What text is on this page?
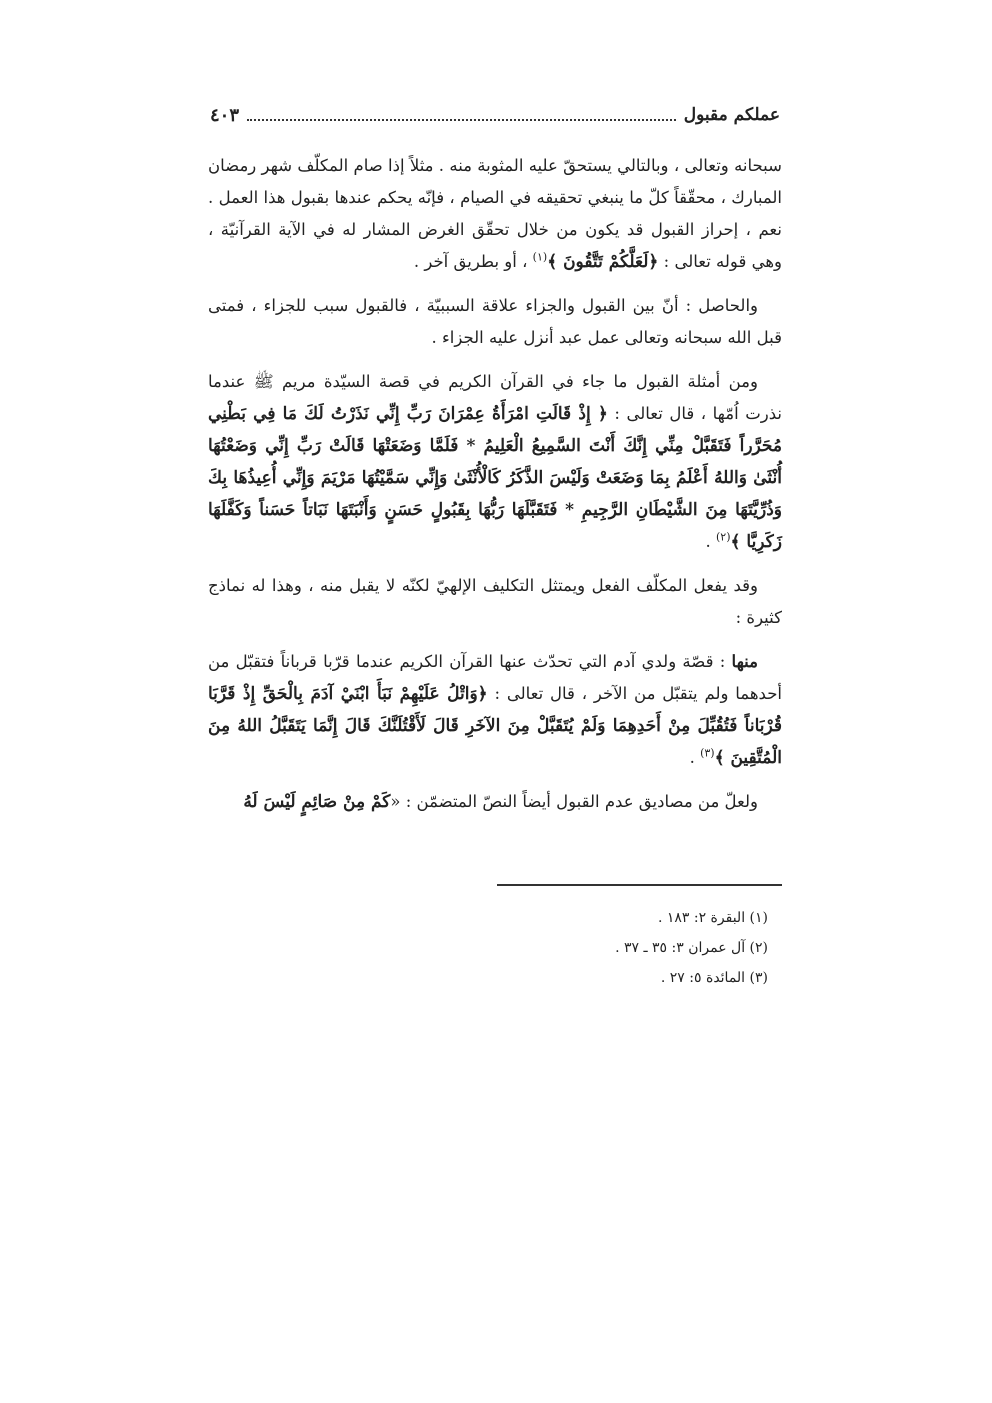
عملكم مقبول
٤٠٣

سبحانه وتعالى ، وبالتالي يستحقّ عليه المثوبة منه . مثلاً إذا صام المكلّف شهر رمضان المبارك ، محقّقاً كلّ ما ينبغي تحقيقه في الصيام ، فإنّه يحكم عندها بقبول هذا العمل . نعم ، إحراز القبول قد يكون من خلال تحقّق الغرض المشار له في الآية القرآنيّة ، وهي قوله تعالى : ﴿لَعَلَّكُمْ تَتَّقُونَ ﴾$^{(١)}$ ، أو بطريق آخر .

والحاصل : أنّ بين القبول والجزاء علاقة السببيّة ، فالقبول سبب للجزاء ، فمتى قبل الله سبحانه وتعالى عمل عبد أنزل عليه الجزاء .

ومن أمثلة القبول ما جاء في القرآن الكريم في قصة السيّدة مريم ﷺ عندما نذرت اُمّها ، قال تعالى : ﴿ إِذْ قَالَتِ امْرَأَةُ عِمْرَانَ رَبِّ إِنِّي نَذَرْتُ لَكَ مَا فِي بَطْنِي مُحَرَّراً فَتَقَبَّلْ مِنِّي إِنَّكَ أَنْتَ السَّمِيعُ الْعَلِيمُ * فَلَمَّا وَضَعَتْهَا قَالَتْ رَبِّ إِنِّي وَضَعْتُهَا أُنْثَىٰ وَاللهُ أَعْلَمُ بِمَا وَضَعَتْ وَلَيْسَ الذَّكَرُ كَالْأُنْثَىٰ وَإِنِّي سَمَّيْتُهَا مَرْيَمَ وَإِنِّي أُعِيذُهَا بِكَ وَذُرِّيَّتَهَا مِنَ الشَّيْطَانِ الرَّجِيمِ * فَتَقَبَّلَهَا رَبُّهَا بِقَبُولٍ حَسَنٍ وَأَنْبَتَهَا نَبَاتاً حَسَناً وَكَفَّلَهَا زَكَرِيَّا ﴾$^{(٢)}$ .

وقد يفعل المكلّف الفعل ويمتثل التكليف الإلهيّ لكنّه لا يقبل منه ، وهذا له نماذج كثيرة :

منها : قصّة ولدي آدم التي تحدّث عنها القرآن الكريم عندما قرّبا قرباناً فتقبّل من أحدهما ولم يتقبّل من الآخر ، قال تعالى : ﴿وَاتْلُ عَلَيْهِمْ نَبَأَ ابْنَيْ آدَمَ بِالْحَقِّ إِذْ قَرَّبَا قُرْبَاناً فَتُقُبِّلَ مِنْ أَحَدِهِمَا وَلَمْ يُتَقَبَّلْ مِنَ الآخَرِ قَالَ لَأَقْتُلَنَّكَ قَالَ إِنَّمَا يَتَقَبَّلُ اللهُ مِنَ الْمُتَّقِينَ ﴾$^{(٣)}$ .

ولعلّ من مصاديق عدم القبول أيضاً النصّ المتضمّن : «كَمْ مِنْ صَائِمٍ لَيْسَ لَهُ

(١) البقرة ٢: ١٨٣ .
(٢) آل عمران ٣: ٣٥ ـ ٣٧ .
(٣) المائدة ٥: ٢٧ .
